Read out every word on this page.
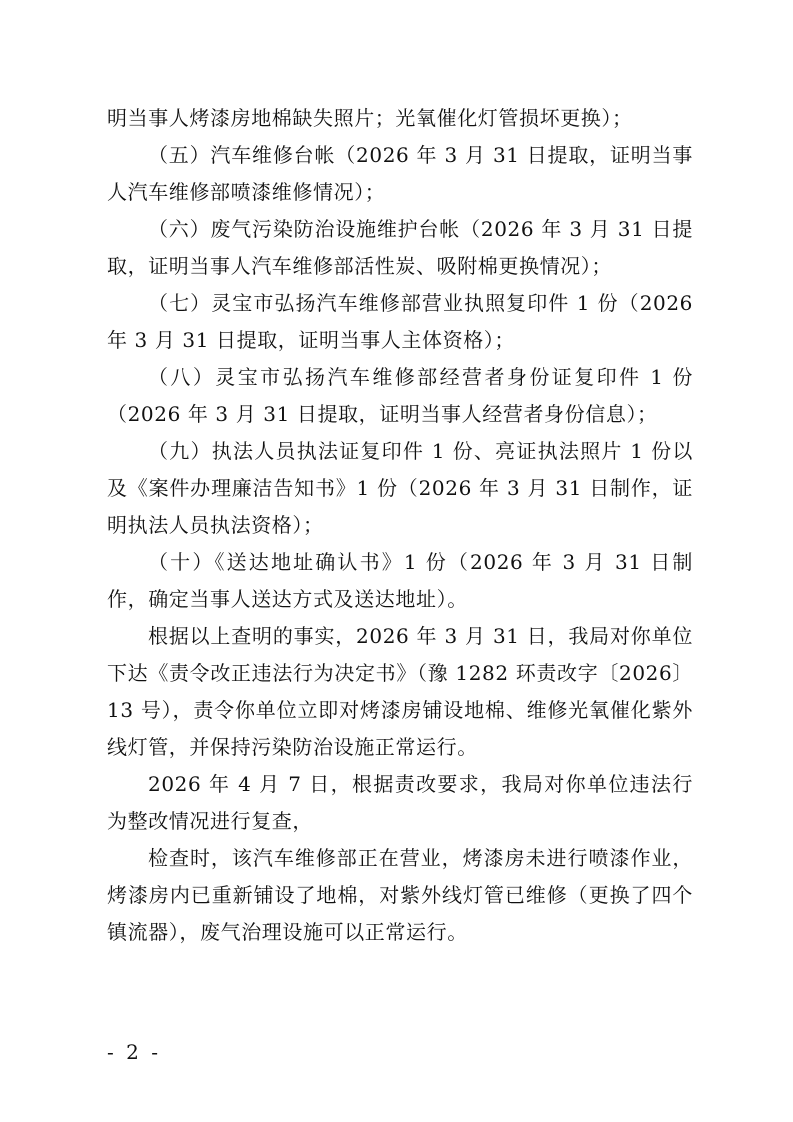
明当事人烤漆房地棉缺失照片；光氧催化灯管损坏更换）；

（五）汽车维修台帐（2026 年 3 月 31 日提取，证明当事人汽车维修部喷漆维修情况）；

（六）废气污染防治设施维护台帐（2026 年 3 月 31 日提取，证明当事人汽车维修部活性炭、吸附棉更换情况）；

（七）灵宝市弘扬汽车维修部营业执照复印件 1 份（2026 年 3 月 31 日提取，证明当事人主体资格）；

（八）灵宝市弘扬汽车维修部经营者身份证复印件 1 份（2026 年 3 月 31 日提取，证明当事人经营者身份信息）；

（九）执法人员执法证复印件 1 份、亮证执法照片 1 份以及《案件办理廉洁告知书》1 份（2026 年 3 月 31 日制作，证明执法人员执法资格）；

（十）《送达地址确认书》1 份（2026 年 3 月 31 日制作，确定当事人送达方式及送达地址）。

根据以上查明的事实，2026 年 3 月 31 日，我局对你单位下达《责令改正违法行为决定书》（豫 1282 环责改字〔2026〕13 号），责令你单位立即对烤漆房铺设地棉、维修光氧催化紫外线灯管，并保持污染防治设施正常运行。

2026 年 4 月 7 日，根据责改要求，我局对你单位违法行为整改情况进行复查，

检查时，该汽车维修部正在营业，烤漆房未进行喷漆作业，烤漆房内已重新铺设了地棉，对紫外线灯管已维修（更换了四个镇流器），废气治理设施可以正常运行。

- 2 -
